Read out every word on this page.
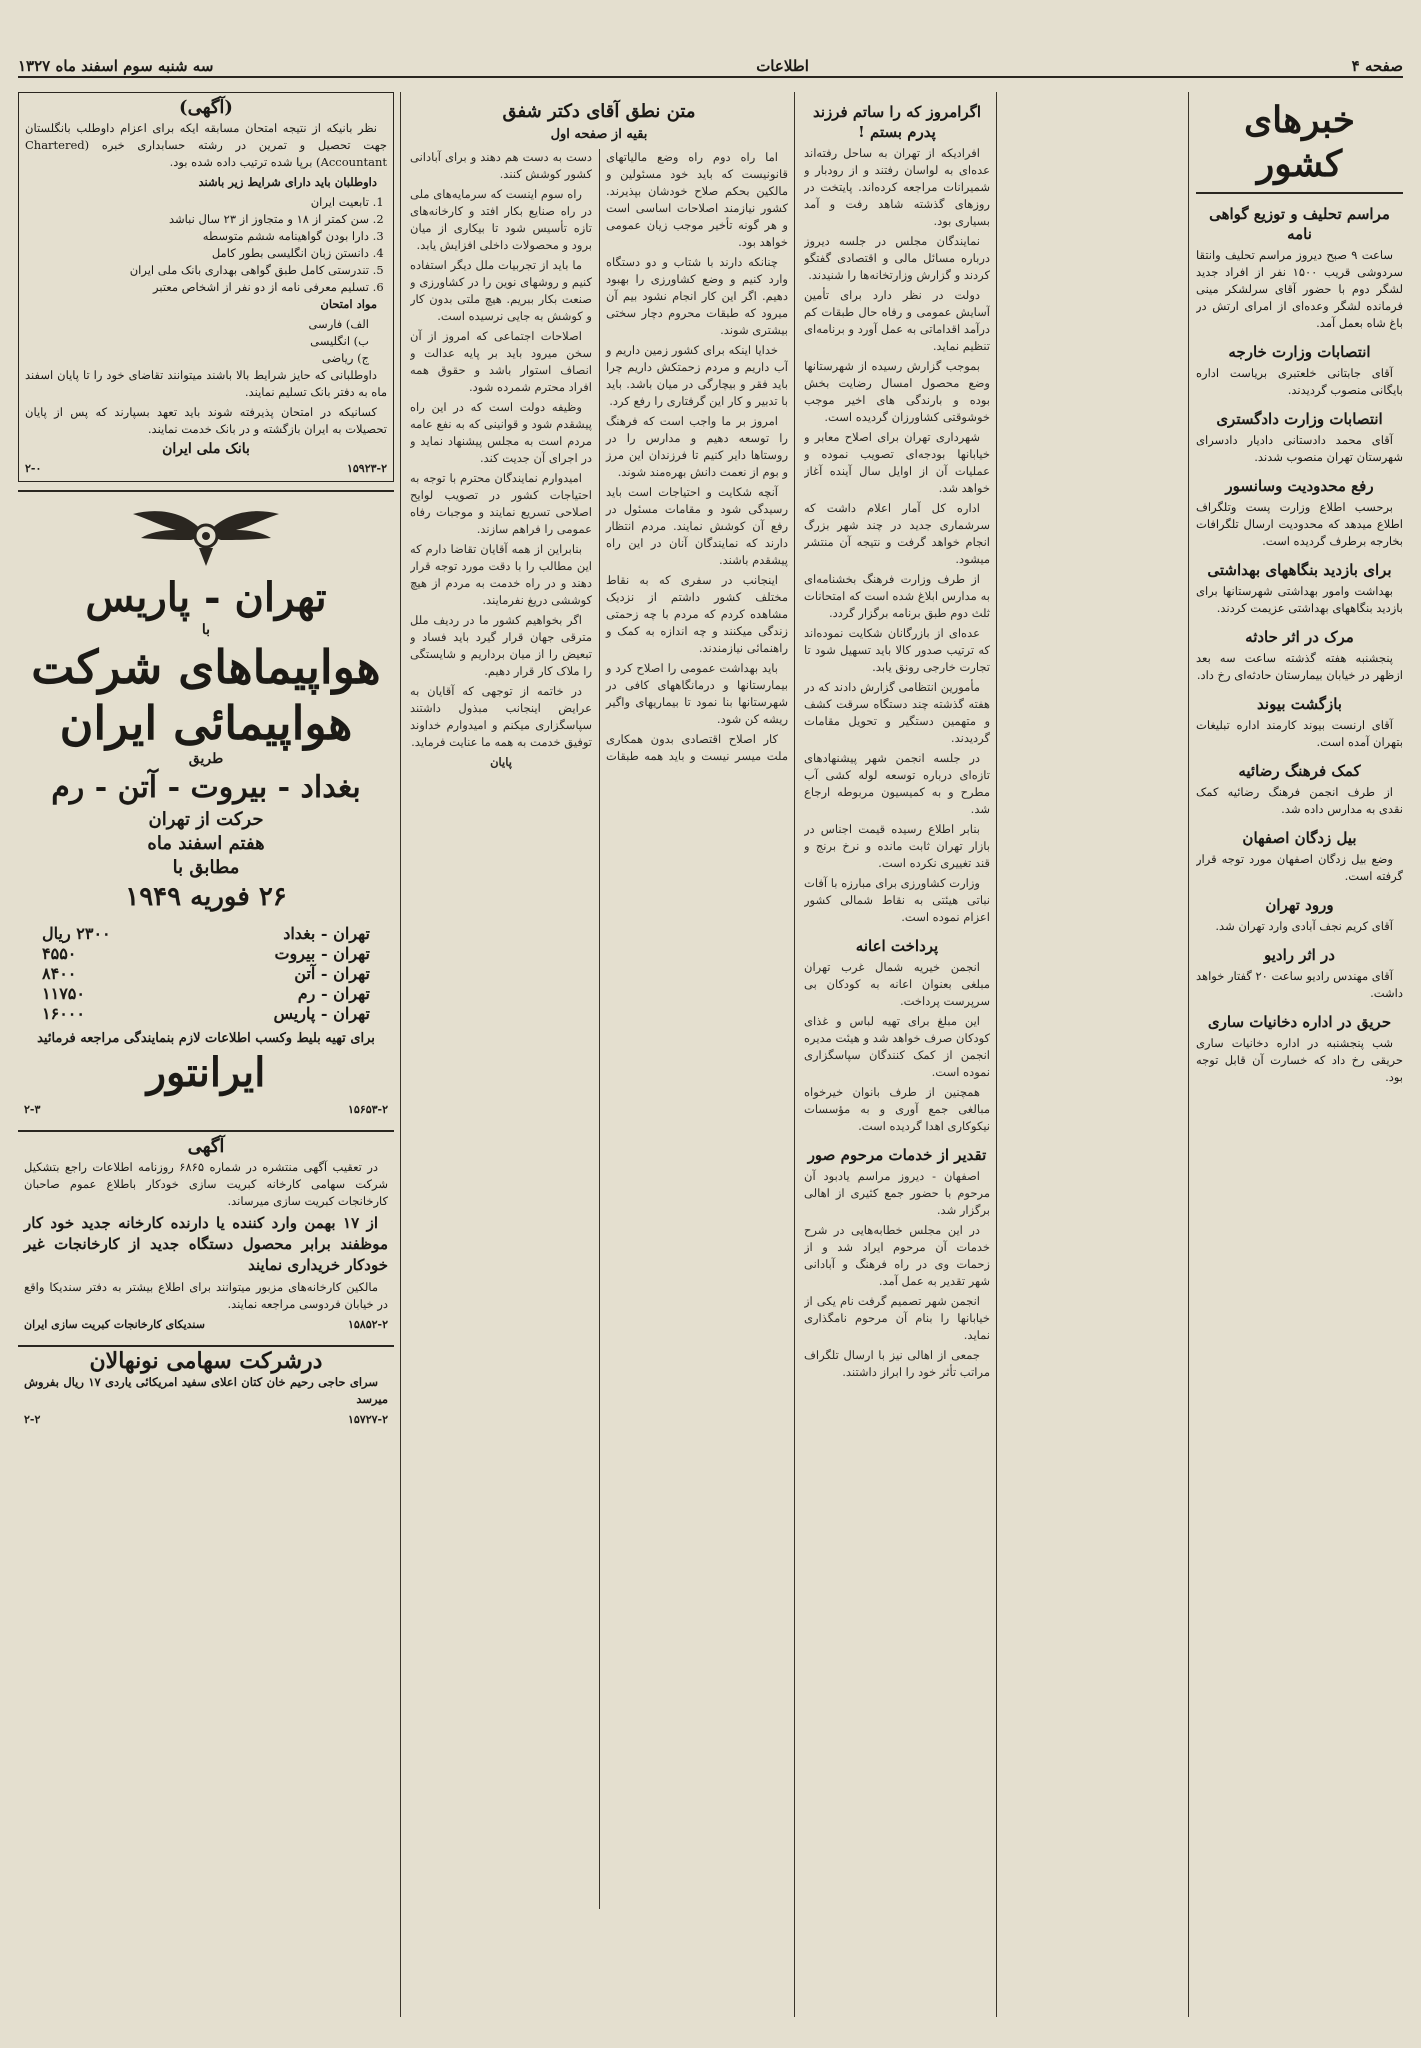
صفحه ۴
اطلاعات
سه شنبه سوم اسفند ماه ۱۳۲۷
خبرهای کشور
مراسم تحلیف و توزیع گواهی نامه

ساعت ۹ صبح دیروز مراسم تحلیف وانتقا سردوشی قریب ۱۵۰۰ نفر از افراد جدید لشگر دوم با حضور آقای سرلشکر مینی فرمانده لشگر وعده‌ای از امرای ارتش در باغ شاه بعمل آمد.

انتصابات وزارت خارجه

آقای جابتانی خلعتبری بریاست اداره بایگانی منصوب گردیدند.

انتصابات وزارت دادگستری

آقای محمد دادستانی دادیار دادسرای شهرستان تهران منصوب شدند.

رفع محدودیت وسانسور

برحسب اطلاع وزارت پست وتلگراف اطلاع میدهد که محدودیت ارسال تلگرافات بخارجه برطرف گردیده است.

برای بازدید بنگاههای بهداشتی

بهداشت وامور بهداشتی شهرستانها برای بازدید بنگاههای بهداشتی عزیمت کردند.

مرک در اثر حادثه

پنجشنبه هفته گذشته ساعت سه بعد ازظهر در خیابان بیمارستان حادثه‌ای رخ داد.

بازگشت بیوند

آقای ارنست بیوند کارمند اداره تبلیغات بتهران آمده است.

کمک فرهنگ رضائیه

از طرف انجمن فرهنگ رضائیه کمک نقدی به مدارس داده شد.

بیل زدگان اصفهان

وضع بیل زدگان اصفهان مورد توجه قرار گرفته است.

ورود تهران

آقای کریم نجف آبادی وارد تهران شد.

در اثر رادیو

آقای مهندس رادیو ساعت ۲۰ گفتار خواهد داشت.

حریق در اداره دخانیات ساری

شب پنجشنبه در اداره دخانیات ساری حریقی رخ داد که خسارت آن قابل توجه بود.

اگرامروز که را ساتم فرزند پدرم بستم !

افرادیکه از تهران به ساحل رفته‌اند عده‌ای به لواسان رفتند و از رودبار و شمیرانات مراجعه کرده‌اند. پایتخت در روزهای گذشته شاهد رفت و آمد بسیاری بود.

نمایندگان مجلس در جلسه دیروز درباره مسائل مالی و اقتصادی گفتگو کردند و گزارش وزارتخانه‌ها را شنیدند.

دولت در نظر دارد برای تأمین آسایش عمومی و رفاه حال طبقات کم درآمد اقداماتی به عمل آورد و برنامه‌ای تنظیم نماید.

بموجب گزارش رسیده از شهرستانها وضع محصول امسال رضایت بخش بوده و بارندگی های اخیر موجب خوشوقتی کشاورزان گردیده است.

شهرداری تهران برای اصلاح معابر و خیابانها بودجه‌ای تصویب نموده و عملیات آن از اوایل سال آینده آغاز خواهد شد.

اداره کل آمار اعلام داشت که سرشماری جدید در چند شهر بزرگ انجام خواهد گرفت و نتیجه آن منتشر میشود.

از طرف وزارت فرهنگ بخشنامه‌ای به مدارس ابلاغ شده است که امتحانات ثلث دوم طبق برنامه برگزار گردد.

عده‌ای از بازرگانان شکایت نموده‌اند که ترتیب صدور کالا باید تسهیل شود تا تجارت خارجی رونق یابد.

مأمورین انتظامی گزارش دادند که در هفته گذشته چند دستگاه سرقت کشف و متهمین دستگیر و تحویل مقامات گردیدند.

در جلسه انجمن شهر پیشنهادهای تازه‌ای درباره توسعه لوله کشی آب مطرح و به کمیسیون مربوطه ارجاع شد.

بنابر اطلاع رسیده قیمت اجناس در بازار تهران ثابت مانده و نرخ برنج و قند تغییری نکرده است.

وزارت کشاورزی برای مبارزه با آفات نباتی هیئتی به نقاط شمالی کشور اعزام نموده است.

پرداخت اعانه

انجمن خیریه شمال غرب تهران مبلغی بعنوان اعانه به کودکان بی سرپرست پرداخت.

این مبلغ برای تهیه لباس و غذای کودکان صرف خواهد شد و هیئت مدیره انجمن از کمک کنندگان سپاسگزاری نموده است.

همچنین از طرف بانوان خیرخواه مبالغی جمع آوری و به مؤسسات نیکوکاری اهدا گردیده است.

تقدیر از خدمات مرحوم صور

اصفهان - دیروز مراسم یادبود آن مرحوم با حضور جمع کثیری از اهالی برگزار شد.

در این مجلس خطابه‌هایی در شرح خدمات آن مرحوم ایراد شد و از زحمات وی در راه فرهنگ و آبادانی شهر تقدیر به عمل آمد.

انجمن شهر تصمیم گرفت نام یکی از خیابانها را بنام آن مرحوم نامگذاری نماید.

جمعی از اهالی نیز با ارسال تلگراف مراتب تأثر خود را ابراز داشتند.

متن نطق آقای دکتر شفق
بقیه از صفحه اول

اما راه دوم راه وضع مالیاتهای قانونیست که باید خود مسئولین و مالکین بحکم صلاح خودشان بپذیرند. کشور نیازمند اصلاحات اساسی است و هر گونه تأخیر موجب زیان عمومی خواهد بود.

چنانکه دارند با شتاب و دو دستگاه وارد کنیم و وضع کشاورزی را بهبود دهیم. اگر این کار انجام نشود بیم آن میرود که طبقات محروم دچار سختی بیشتری شوند.

خدایا اینکه برای کشور زمین داریم و آب داریم و مردم زحمتکش داریم چرا باید فقر و بیچارگی در میان باشد. باید با تدبیر و کار این گرفتاری را رفع کرد.

امروز بر ما واجب است که فرهنگ را توسعه دهیم و مدارس را در روستاها دایر کنیم تا فرزندان این مرز و بوم از نعمت دانش بهره‌مند شوند.

آنچه شکایت و احتیاجات است باید رسیدگی شود و مقامات مسئول در رفع آن کوشش نمایند. مردم انتظار دارند که نمایندگان آنان در این راه پیشقدم باشند.

اینجانب در سفری که به نقاط مختلف کشور داشتم از نزدیک مشاهده کردم که مردم با چه زحمتی زندگی میکنند و چه اندازه به کمک و راهنمائی نیازمندند.

باید بهداشت عمومی را اصلاح کرد و بیمارستانها و درمانگاههای کافی در شهرستانها بنا نمود تا بیماریهای واگیر ریشه کن شود.

کار اصلاح اقتصادی بدون همکاری ملت میسر نیست و باید همه طبقات دست به دست هم دهند و برای آبادانی کشور کوشش کنند.

راه سوم اینست که سرمایه‌های ملی در راه صنایع بکار افتد و کارخانه‌های تازه تأسیس شود تا بیکاری از میان برود و محصولات داخلی افزایش یابد.

ما باید از تجربیات ملل دیگر استفاده کنیم و روشهای نوین را در کشاورزی و صنعت بکار ببریم. هیچ ملتی بدون کار و کوشش به جایی نرسیده است.

اصلاحات اجتماعی که امروز از آن سخن میرود باید بر پایه عدالت و انصاف استوار باشد و حقوق همه افراد محترم شمرده شود.

وظیفه دولت است که در این راه پیشقدم شود و قوانینی که به نفع عامه مردم است به مجلس پیشنهاد نماید و در اجرای آن جدیت کند.

امیدوارم نمایندگان محترم با توجه به احتیاجات کشور در تصویب لوایح اصلاحی تسریع نمایند و موجبات رفاه عمومی را فراهم سازند.

بنابراین از همه آقایان تقاضا دارم که این مطالب را با دقت مورد توجه قرار دهند و در راه خدمت به مردم از هیچ کوششی دریغ نفرمایند.

اگر بخواهیم کشور ما در ردیف ملل مترقی جهان قرار گیرد باید فساد و تبعیض را از میان برداریم و شایستگی را ملاک کار قرار دهیم.

در خاتمه از توجهی که آقایان به عرایض اینجانب مبذول داشتند سپاسگزاری میکنم و امیدوارم خداوند توفیق خدمت به همه ما عنایت فرماید.

پایان

(آگهی)

نظر بانیکه از نتیجه امتحان مسابقه ایکه برای اعزام داوطلب بانگلستان جهت تحصیل و تمرین در رشته حسابداری خبره (Chartered Accountant) برپا شده ترتیب داده شده بود.

داوطلبان باید دارای شرایط زیر باشند

1. تابعیت ایران
2. سن کمتر از ۱۸ و متجاوز از ۲۳ سال نباشد
3. دارا بودن گواهینامه ششم متوسطه
4. دانستن زبان انگلیسی بطور کامل
5. تندرستی کامل طبق گواهی بهداری بانک ملی ایران
6. تسلیم معرفی نامه از دو نفر از اشخاص معتبر

مواد امتحان

الف) فارسی
ب) انگلیسی
ج) ریاضی

داوطلبانی که حایز شرایط بالا باشند میتوانند تقاضای خود را تا پایان اسفند ماه به دفتر بانک تسلیم نمایند.

کسانیکه در امتحان پذیرفته شوند باید تعهد بسپارند که پس از پایان تحصیلات به ایران بازگشته و در بانک خدمت نمایند.

بانک ملی ایران
۱۵۹۲۳-۲
۲-۰
تهران - پاریس
با
هواپیماهای شرکت
هواپیمائی ایران
طریق
بغداد - بیروت - آتن - رم
حرکت از تهران
هفتم اسفند ماه
مطابق با
۲۶ فوریه ۱۹۴۹
تهران - بغداد
۲۳۰۰ ریال
تهران - بیروت
۴۵۵۰
تهران - آتن
۸۴۰۰
تهران - رم
۱۱۷۵۰
تهران - پاریس
۱۶۰۰۰
برای تهیه بلیط وکسب اطلاعات لازم بنمایندگی مراجعه فرمائید
ایرانتور
۱۵۶۵۳-۲
۲-۳
آگهی

در تعقیب آگهی منتشره در شماره ۶۸۶۵ روزنامه اطلاعات راجع بتشکیل شرکت سهامی کارخانه کبریت سازی خودکار باطلاع عموم صاحبان کارخانجات کبریت سازی میرساند.

از ۱۷ بهمن وارد کننده یا دارنده کارخانه جدید خود کار موظفند برابر محصول دستگاه جدید از کارخانجات غیر خودکار خریداری نمایند

مالکین کارخانه‌های مزبور میتوانند برای اطلاع بیشتر به دفتر سندیکا واقع در خیابان فردوسی مراجعه نمایند.

۱۵۸۵۲-۲
سندیکای کارخانجات کبریت سازی ایران
درشرکت سهامی نونهالان

سرای حاجی رحیم خان کتان اعلای سفید امریکائی یاردی ۱۷ ریال بفروش میرسد

۱۵۷۲۷-۲
۲-۲
